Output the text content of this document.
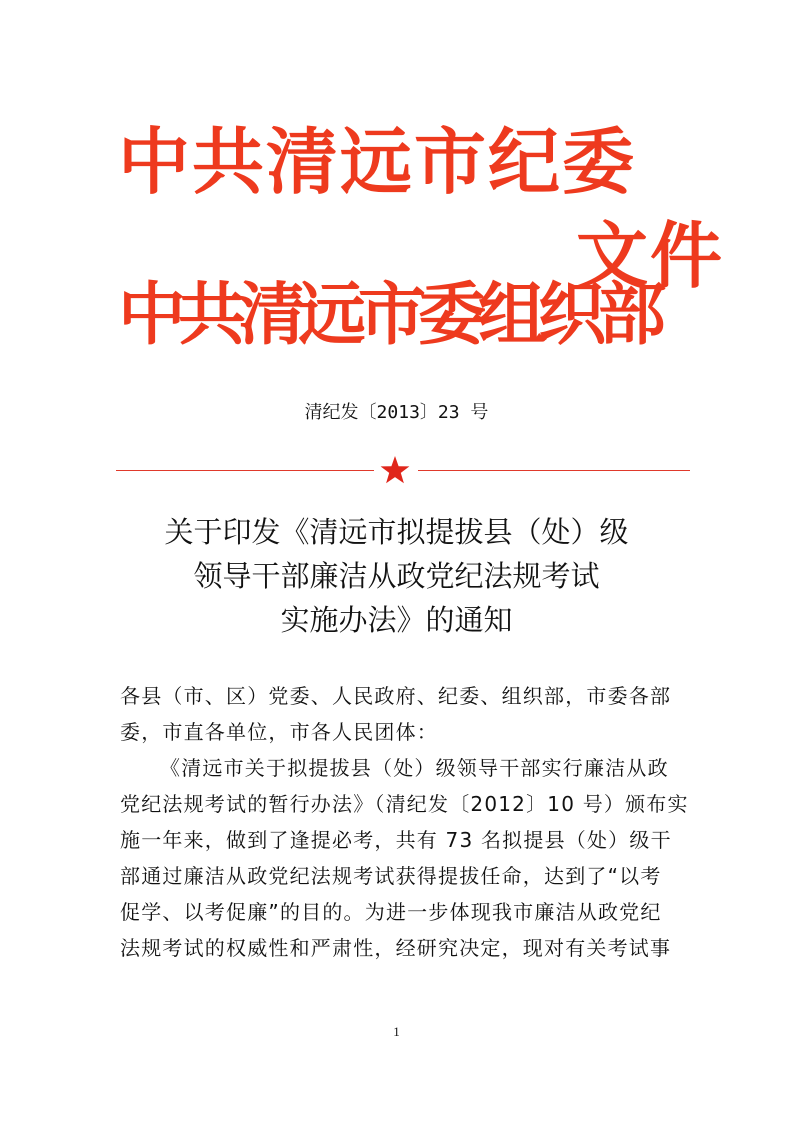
中共清远市纪委
中共清远市委组织部
文件
清纪发〔2013〕23 号
关于印发《清远市拟提拔县（处）级
领导干部廉洁从政党纪法规考试
实施办法》的通知
各县（市、区）党委、人民政府、纪委、组织部，市委各部
委，市直各单位，市各人民团体：
《清远市关于拟提拔县（处）级领导干部实行廉洁从政
党纪法规考试的暂行办法》（清纪发〔2012〕10 号）颁布实
施一年来，做到了逢提必考，共有 73 名拟提县（处）级干
部通过廉洁从政党纪法规考试获得提拔任命，达到了“以考
促学、以考促廉”的目的。为进一步体现我市廉洁从政党纪
法规考试的权威性和严肃性，经研究决定，现对有关考试事
1
